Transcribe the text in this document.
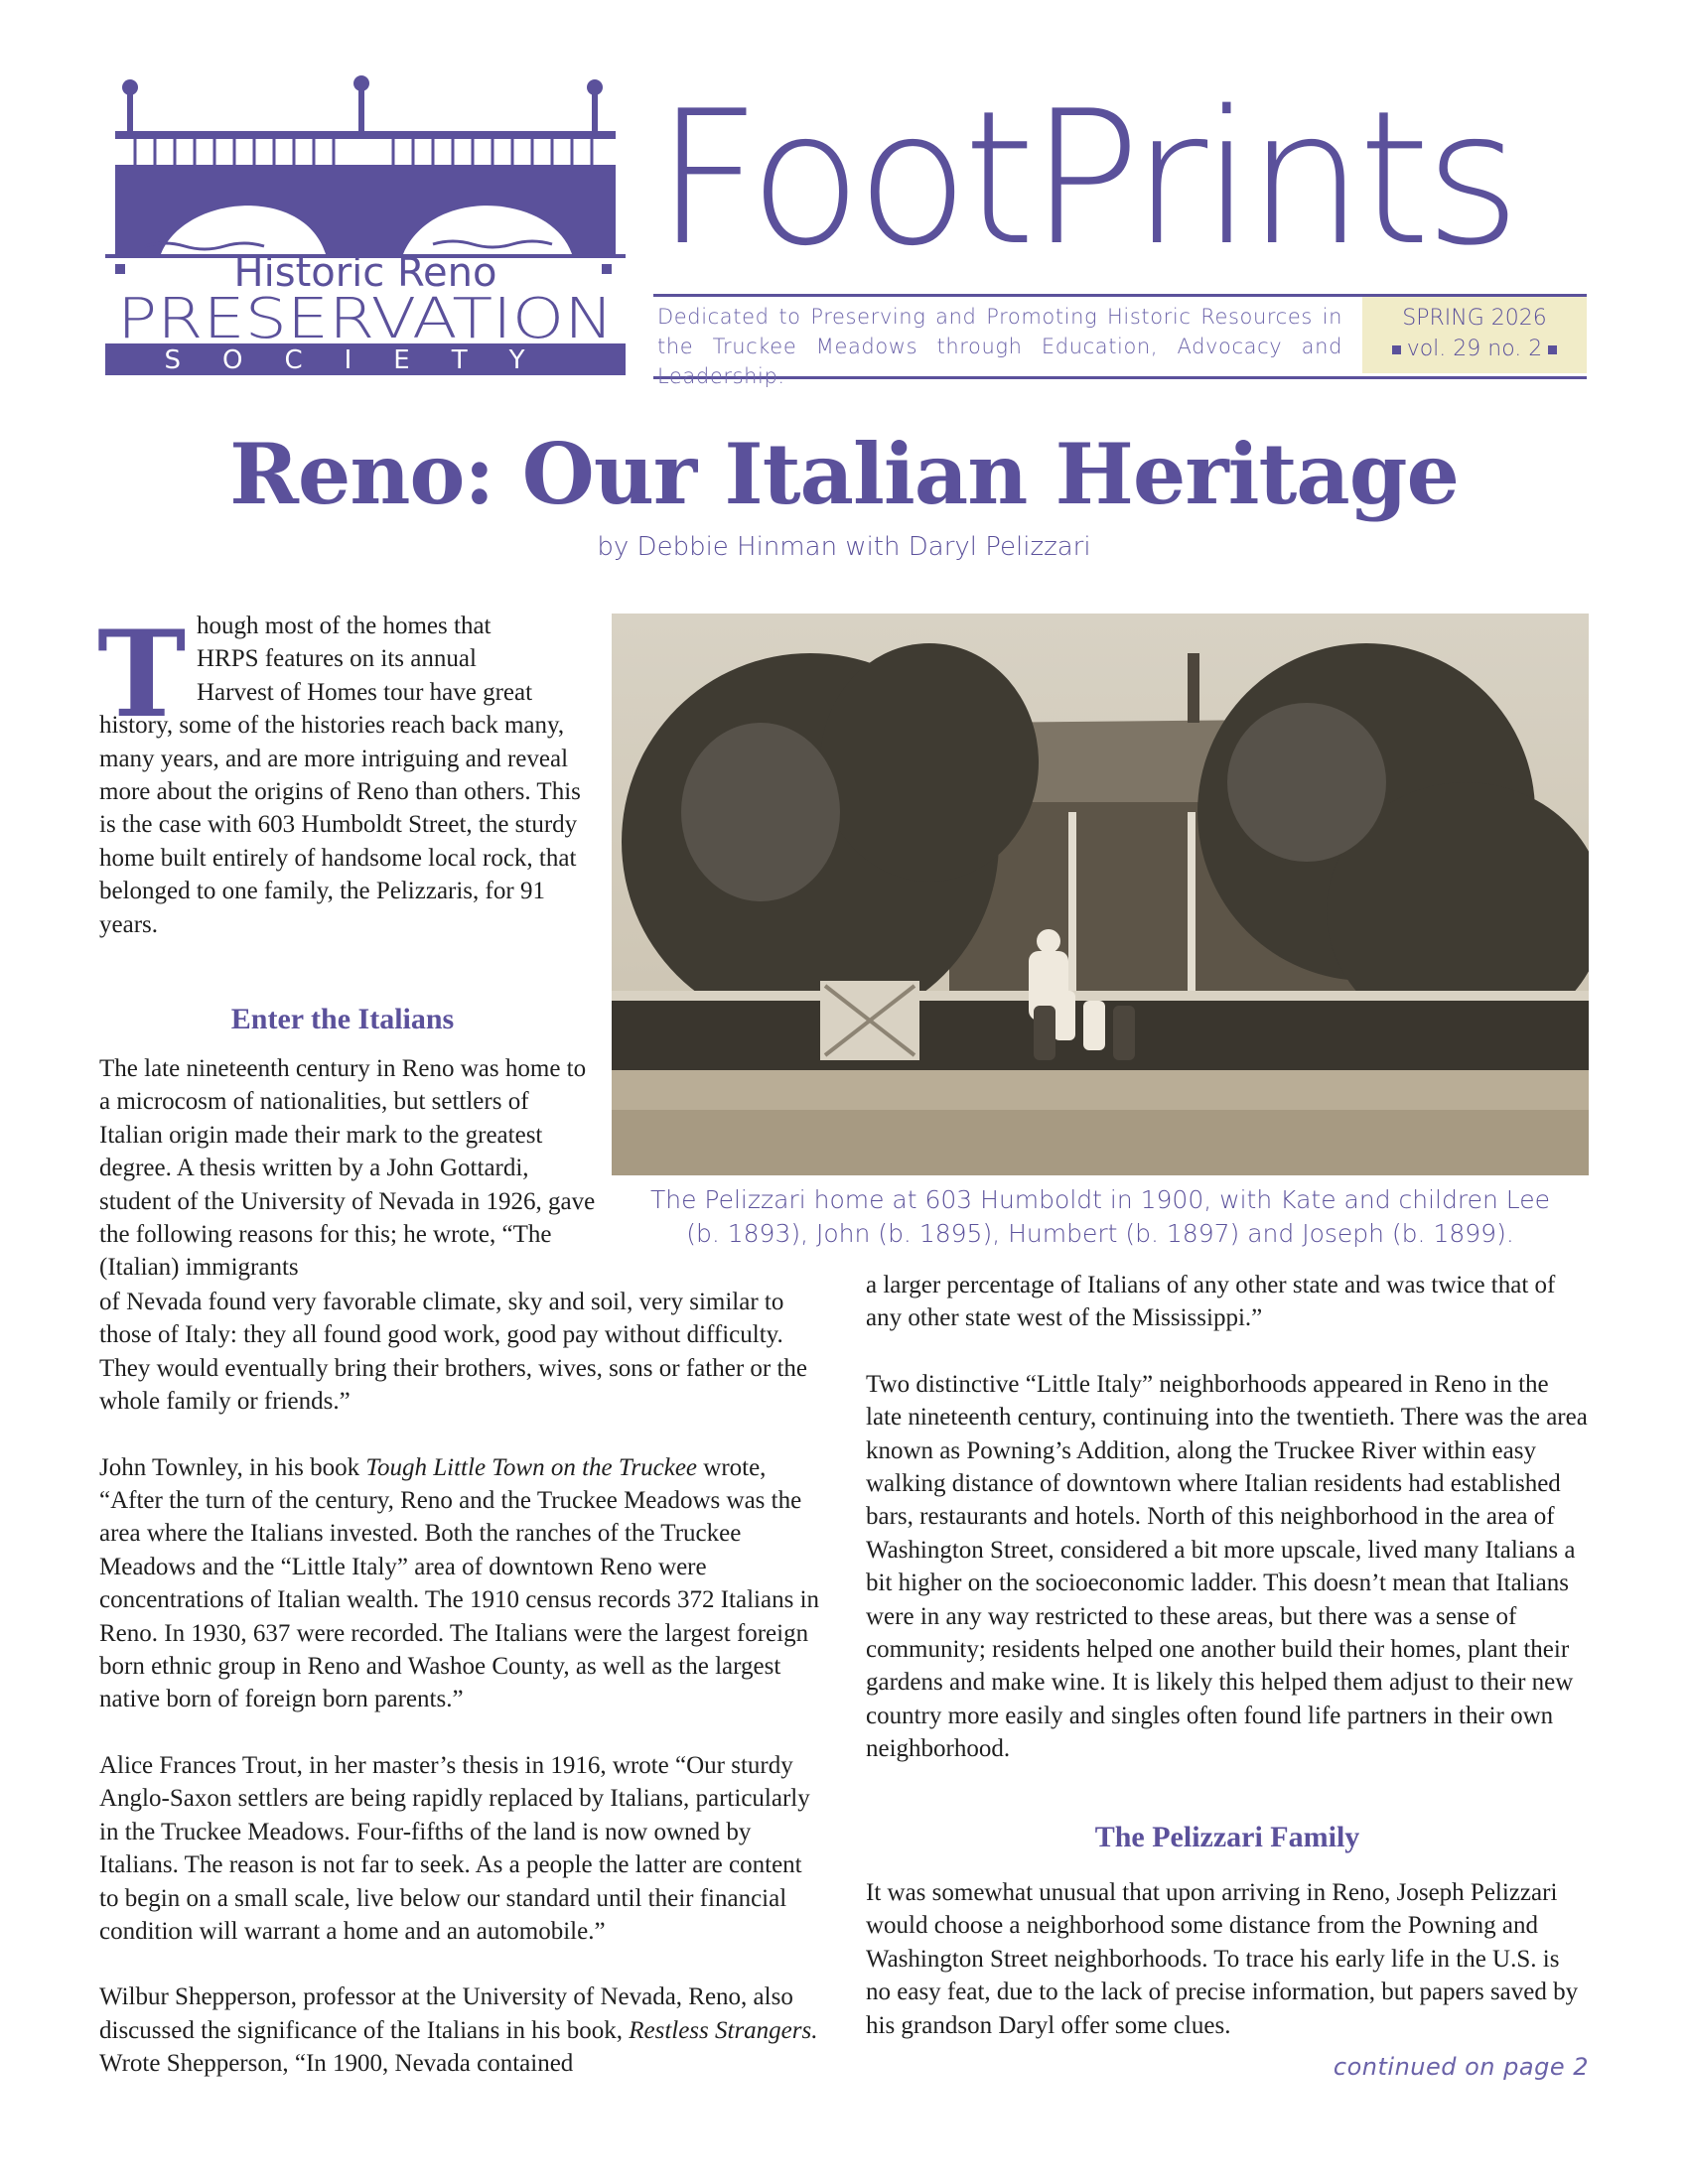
Historic Reno
PRESERVATION
SOCIETY
FootPrints
Dedicated to Preserving and Promoting Historic Resources in the Truckee Meadows through Education, Advocacy and Leadership.
SPRING 2026
vol. 29 no. 2
Reno: Our Italian Heritage
by Debbie Hinman with Daryl Pelizzari
The Pelizzari home at 603 Humboldt in 1900, with Kate and children Lee
(b. 1893), John (b. 1895), Humbert (b. 1897) and Joseph (b. 1899).
T hough most of the homes that
HRPS features on its annual
Harvest of Homes tour have great
history, some of the histories reach back many, many years, and are more intriguing and reveal more about the origins of Reno than others. This is the case with 603 Humboldt Street, the sturdy home built entirely of handsome local rock, that belonged to one family, the Pelizzaris, for 91 years.
Enter the Italians
The late nineteenth century in Reno was home to a microcosm of nationalities, but settlers of Italian origin made their mark to the greatest degree. A thesis written by a John Gottardi, student of the University of Nevada in 1926, gave the following reasons for this; he wrote, “The (Italian) immigrants

of Nevada found very favorable climate, sky and soil, very similar to those of Italy: they all found good work, good pay without difficulty. They would eventually bring their brothers, wives, sons or father or the whole family or friends.”

John Townley, in his book Tough Little Town on the Truckee wrote, “After the turn of the century, Reno and the Truckee Meadows was the area where the Italians invested. Both the ranches of the Truckee Meadows and the “Little Italy” area of downtown Reno were concentrations of Italian wealth. The 1910 census records 372 Italians in Reno. In 1930, 637 were recorded. The Italians were the largest foreign born ethnic group in Reno and Washoe County, as well as the largest native born of foreign born parents.”

Alice Frances Trout, in her master’s thesis in 1916, wrote “Our sturdy Anglo-Saxon settlers are being rapidly replaced by Italians, particularly in the Truckee Meadows. Four-fifths of the land is now owned by Italians. The reason is not far to seek. As a people the latter are content to begin on a small scale, live below our standard until their financial condition will warrant a home and an automobile.”

Wilbur Shepperson, professor at the University of Nevada, Reno, also discussed the significance of the Italians in his book, Restless Strangers. Wrote Shepperson, “In 1900, Nevada contained

a larger percentage of Italians of any other state and was twice that of any other state west of the Mississippi.”

Two distinctive “Little Italy” neighborhoods appeared in Reno in the late nineteenth century, continuing into the twentieth. There was the area known as Powning’s Addition, along the Truckee River within easy walking distance of downtown where Italian residents had established bars, restaurants and hotels. North of this neighborhood in the area of Washington Street, considered a bit more upscale, lived many Italians a bit higher on the socioeconomic ladder. This doesn’t mean that Italians were in any way restricted to these areas, but there was a sense of community; residents helped one another build their homes, plant their gardens and make wine. It is likely this helped them adjust to their new country more easily and singles often found life partners in their own neighborhood.

The Pelizzari Family
It was somewhat unusual that upon arriving in Reno, Joseph Pelizzari would choose a neighborhood some distance from the Powning and Washington Street neighborhoods. To trace his early life in the U.S. is no easy feat, due to the lack of precise information, but papers saved by his grandson Daryl offer some clues.
continued on page 2
